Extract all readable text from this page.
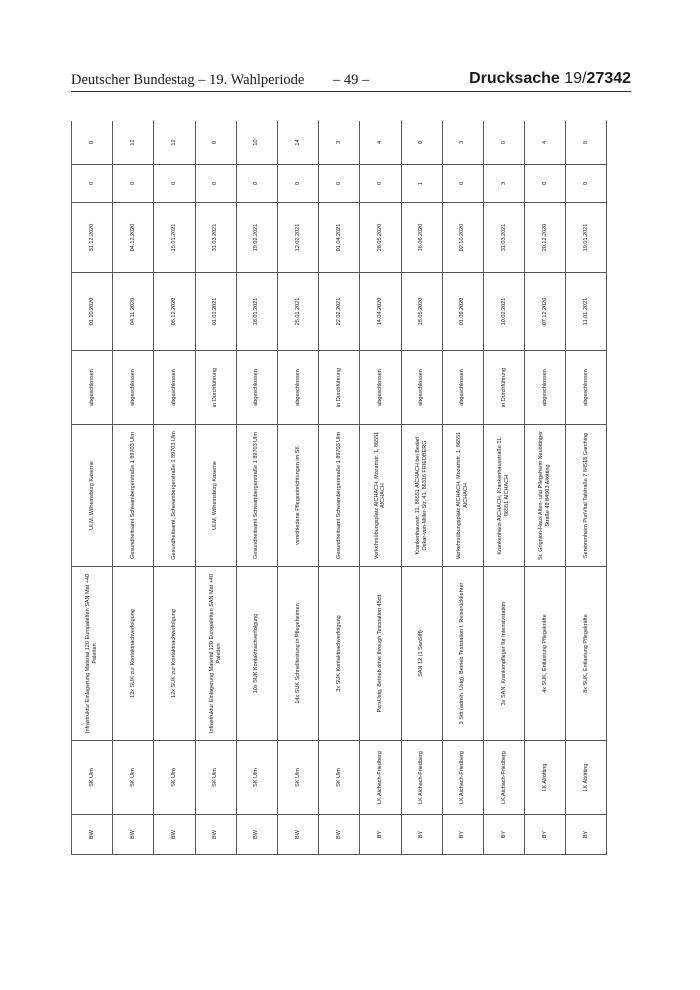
Deutscher Bundestag – 19. Wahlperiode – 49 –	Drucksache 19/27342
BW	SK Ulm	Infrastruktur Einlagerung Material 120 Europaletten SAN Mat +40 Paletten	ULM, Wilhemsburg Kaserne	abgeschlossen	01.10.2020	31.12.2020	0	0
BW	SK Ulm	12x SUK zur Kontaktnachverfolgung	Gesundheitsamt Schwambergerstraße 1 89703 Ulm	abgeschlossen	04.11.2020	04.12.2020	0	12
BW	SK Ulm	12x SUK zur Kontaktnachverfolgung	Gesundheitsamt, Schwambergerstraße 1 89703 Ulm	abgeschlossen	05.12.2020	15.01.2021	0	12
BW	SK Ulm	Infrastruktur Einlagerung Material 120 Europaletten SAN Mat +40 Paletten	ULM, Wilhemsburg Kaserne	in Durchführung	01.01.2021	31.03.2021	0	0
BW	SK Ulm	10x SUK Kontaktnachverfolgung	Gesundheitsamt Schwambergerstraße 1 89703 Ulm	abgeschlossen	18.01.2021	19.02.2021	0	10
BW	SK Ulm	14x SUK Schnelltestung in Pflegeheimen	verschiedene Pflegeeinrichtungen im SK	abgeschlossen	25.01.2021	12.02.2021	0	14
BW	SK Ulm	3x SUK Kontaktnachverfolgung	Gesundheitsamt Schwambergerstraße 1 89703 Ulm	in Durchführung	22.02.2021	01.04.2021	0	3
BY	LK Aichach-Friedberg	PersUstg, Betrieb drive through Teststation 45ctt	Verkehrsübungsplatz AICHACH, Mozartstr. 1, 86551 AICHACH	abgeschlossen	14.04.2020	28.05.2020	0	4
BY	LK Aichach-Friedberg	SAN 12 (1 SanStff)	Krankenhausstr. 11, 86551 AICHACH bei Bedarf Oskar-von-Miller-Str. 41, 86316 FRIEDBERG	abgeschlossen	18.05.2020	16.06.2020	1	0
BY	LK Aichach-Friedberg	3 Sdt (admin. Ustg), Betrieb Teststation f. Reiserückkehrer	Verkehrsübungsplatz AICHACH, Mozartstr. 1, 86551 AICHACH	abgeschlossen	01.09.2020	02.10.2020	0	3
BY	LK Aichach-Friedberg	3x SAN, Krankenpfleger für Intensivstation	Krankenhaus AICHACH, Krankenhausstraße 11, 86551 AICHACH	in Durchführung	10.02.2021	31.03.2021	3	0
BY	LK Altötting	4x SUK, Entlastung Pflegekräfte	St. Grignion-Haus Alten- und Pflegeheim Neuöttinger Straße 49 84503 Altötting	abgeschlossen	07.12.2020	20.12.2020	0	4
BY	LK Altötting	8x SUK, Entlastung Pflegekräfte	Seniorenheim PuriVital Talstraße 7 84518 Garching	abgeschlossen	11.01.2021	19.01.2021	0	8
